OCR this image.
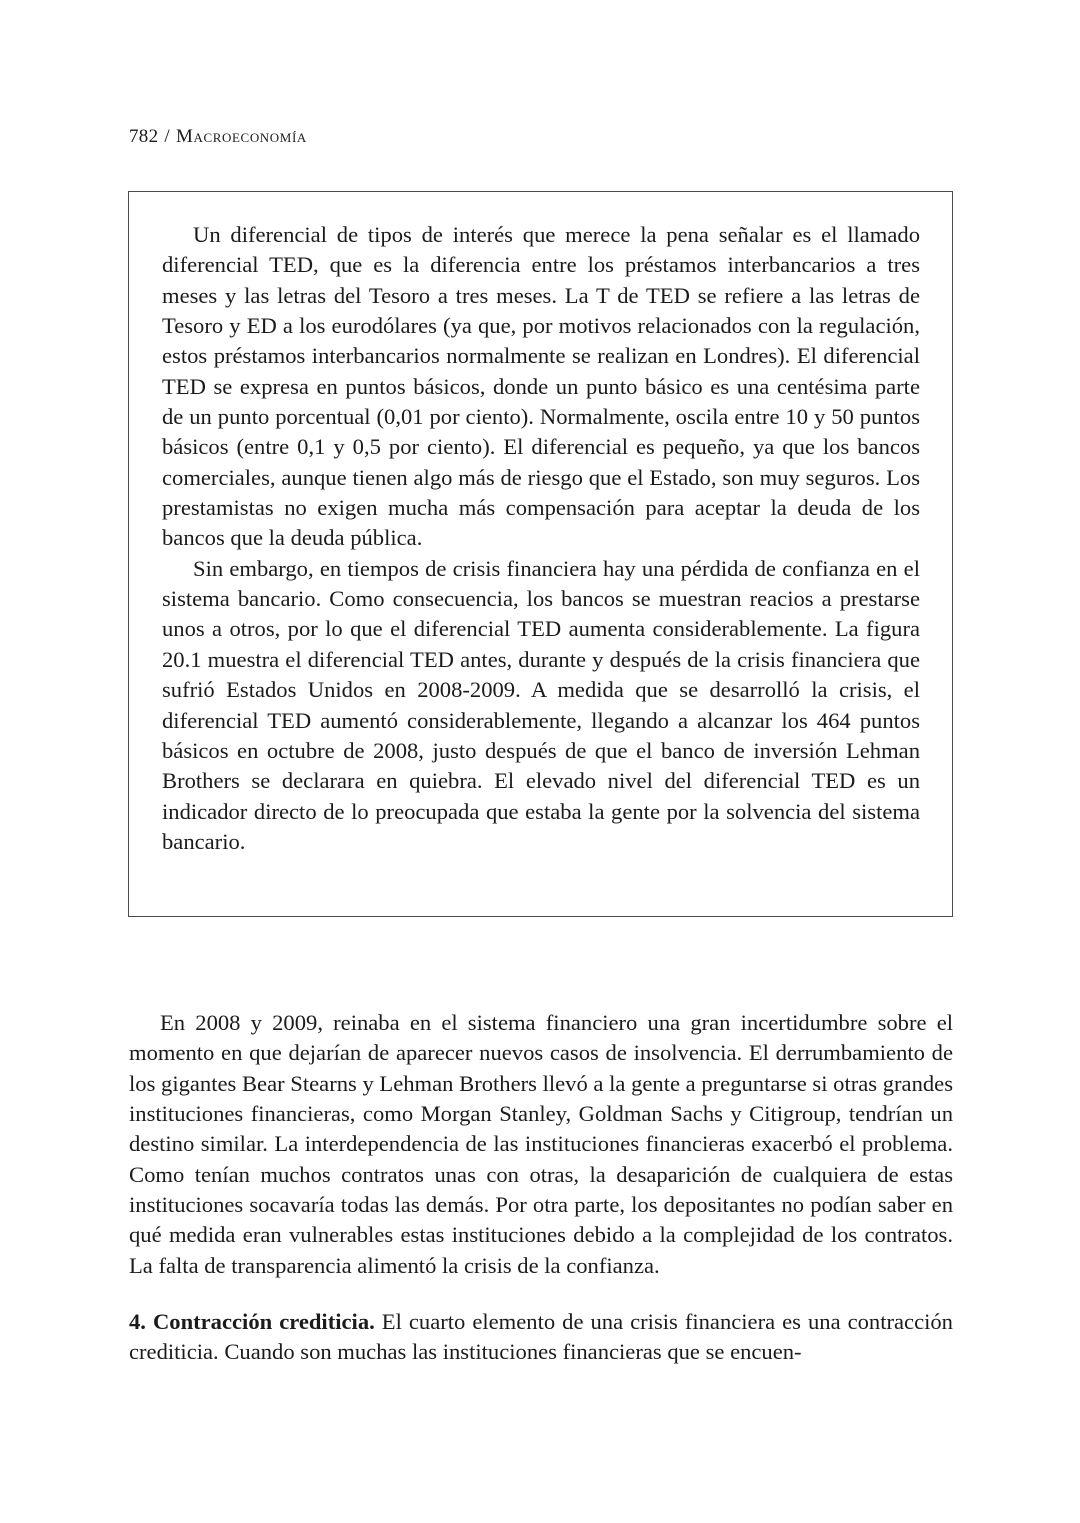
782 / Macroeconomía

Un diferencial de tipos de interés que merece la pena señalar es el llamado diferencial TED, que es la diferencia entre los préstamos interbancarios a tres meses y las letras del Tesoro a tres meses. La T de TED se refiere a las letras de Tesoro y ED a los eurodólares (ya que, por motivos relacionados con la regulación, estos préstamos interbancarios normalmente se realizan en Londres). El diferencial TED se expresa en puntos básicos, donde un punto básico es una centésima parte de un punto porcentual (0,01 por ciento). Normalmente, oscila entre 10 y 50 puntos básicos (entre 0,1 y 0,5 por ciento). El diferencial es pequeño, ya que los bancos comerciales, aunque tienen algo más de riesgo que el Estado, son muy seguros. Los prestamistas no exigen mucha más compensación para aceptar la deuda de los bancos que la deuda pública.

Sin embargo, en tiempos de crisis financiera hay una pérdida de confianza en el sistema bancario. Como consecuencia, los bancos se muestran reacios a prestarse unos a otros, por lo que el diferencial TED aumenta considerablemente. La figura 20.1 muestra el diferencial TED antes, durante y después de la crisis financiera que sufrió Estados Unidos en 2008-2009. A medida que se desarrolló la crisis, el diferencial TED aumentó considerablemente, llegando a alcanzar los 464 puntos básicos en octubre de 2008, justo después de que el banco de inversión Lehman Brothers se declarara en quiebra. El elevado nivel del diferencial TED es un indicador directo de lo preocupada que estaba la gente por la solvencia del sistema bancario.

En 2008 y 2009, reinaba en el sistema financiero una gran incertidumbre sobre el momento en que dejarían de aparecer nuevos casos de insolvencia. El derrumbamiento de los gigantes Bear Stearns y Lehman Brothers llevó a la gente a preguntarse si otras grandes instituciones financieras, como Morgan Stanley, Goldman Sachs y Citigroup, tendrían un destino similar. La interdependencia de las instituciones financieras exacerbó el problema. Como tenían muchos contratos unas con otras, la desaparición de cualquiera de estas instituciones socavaría todas las demás. Por otra parte, los depositantes no podían saber en qué medida eran vulnerables estas instituciones debido a la complejidad de los contratos. La falta de transparencia alimentó la crisis de la confianza.

4. Contracción crediticia. El cuarto elemento de una crisis financiera es una contracción crediticia. Cuando son muchas las instituciones financieras que se encuen-
